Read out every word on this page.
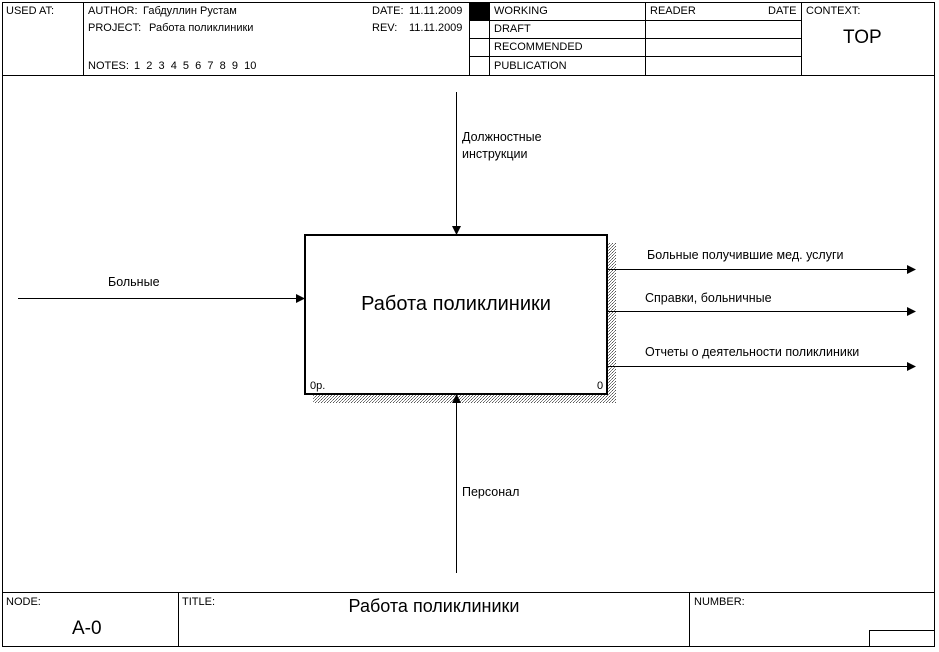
USED AT:	AUTHOR: Габдуллин Рустам
PROJECT: Работа поликлиники
NOTES: 1  2  3  4  5  6  7  8  9  10
DATE: 11.11.2009
REV: 11.11.2009
WORKING
DRAFT
RECOMMENDED
PUBLICATION
READER	DATE CONTEXT:
TOP
Должностные
инструкции
Больные
Больные получившие мед. услуги
Справки, больничные
Отчеты о деятельности поликлиники
Персонал
Работа поликлиники
0р.	0
NODE:
A-0
TITLE:	Работа поликлиники	NUMBER:
